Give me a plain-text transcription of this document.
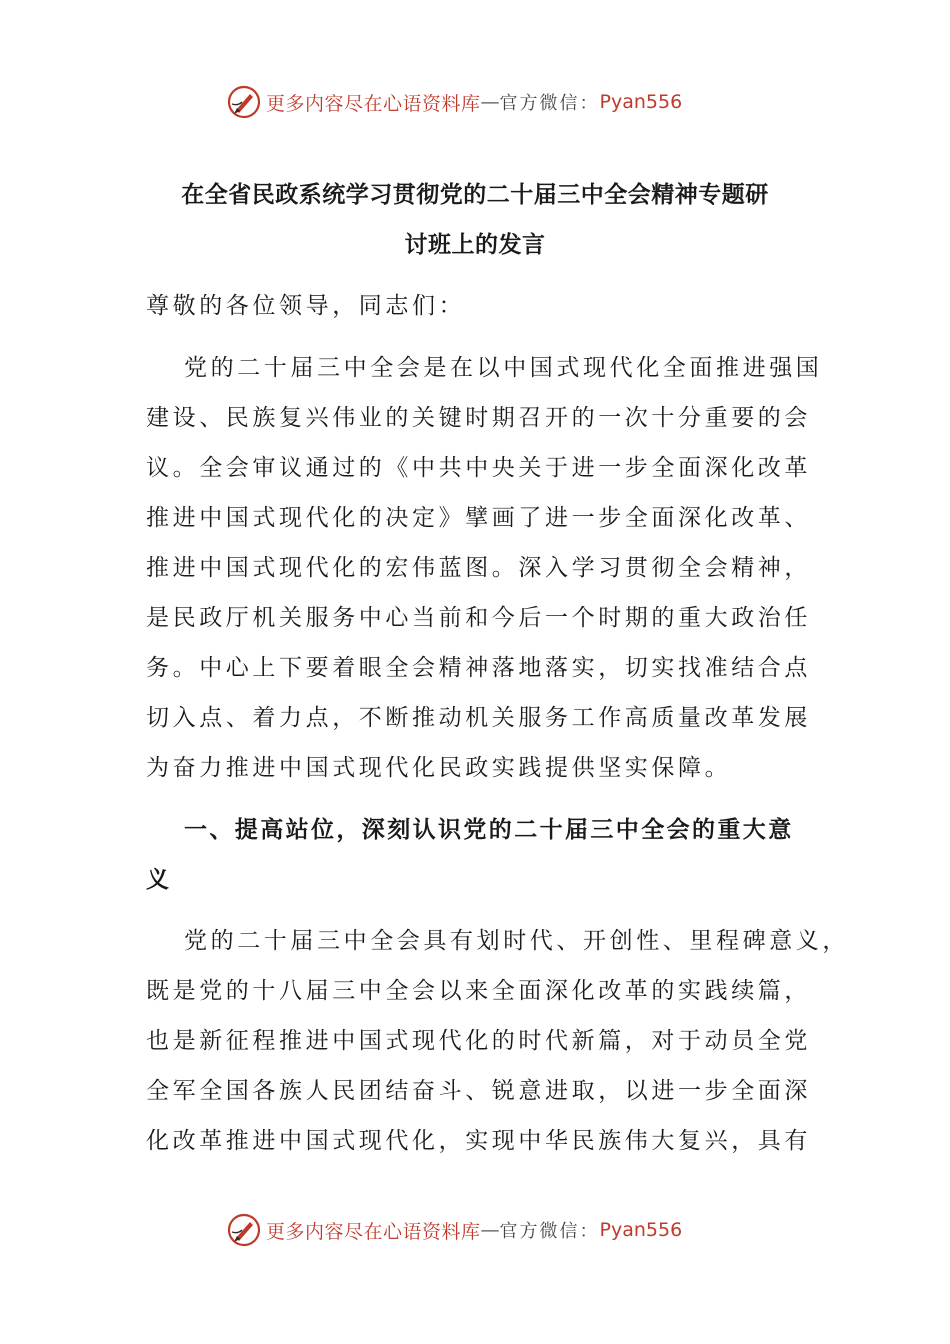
更多内容尽在心语资料库 — 官方微信： Pyan556
在全省民政系统学习贯彻党的二十届三中全会精神专题研
讨班上的发言
尊敬的各位领导，同志们：
党的二十届三中全会是在以中国式现代化全面推进强国
建设、民族复兴伟业的关键时期召开的一次十分重要的会
议。全会审议通过的《中共中央关于进一步全面深化改革
推进中国式现代化的决定》擘画了进一步全面深化改革、
推进中国式现代化的宏伟蓝图。深入学习贯彻全会精神，
是民政厅机关服务中心当前和今后一个时期的重大政治任
务。中心上下要着眼全会精神落地落实，切实找准结合点
切入点、着力点，不断推动机关服务工作高质量改革发展
为奋力推进中国式现代化民政实践提供坚实保障。
一、提高站位，深刻认识党的二十届三中全会的重大意
义
党的二十届三中全会具有划时代、开创性、里程碑意义，
既是党的十八届三中全会以来全面深化改革的实践续篇，
也是新征程推进中国式现代化的时代新篇，对于动员全党
全军全国各族人民团结奋斗、锐意进取，以进一步全面深
化改革推进中国式现代化，实现中华民族伟大复兴，具有
更多内容尽在心语资料库 — 官方微信： Pyan556
